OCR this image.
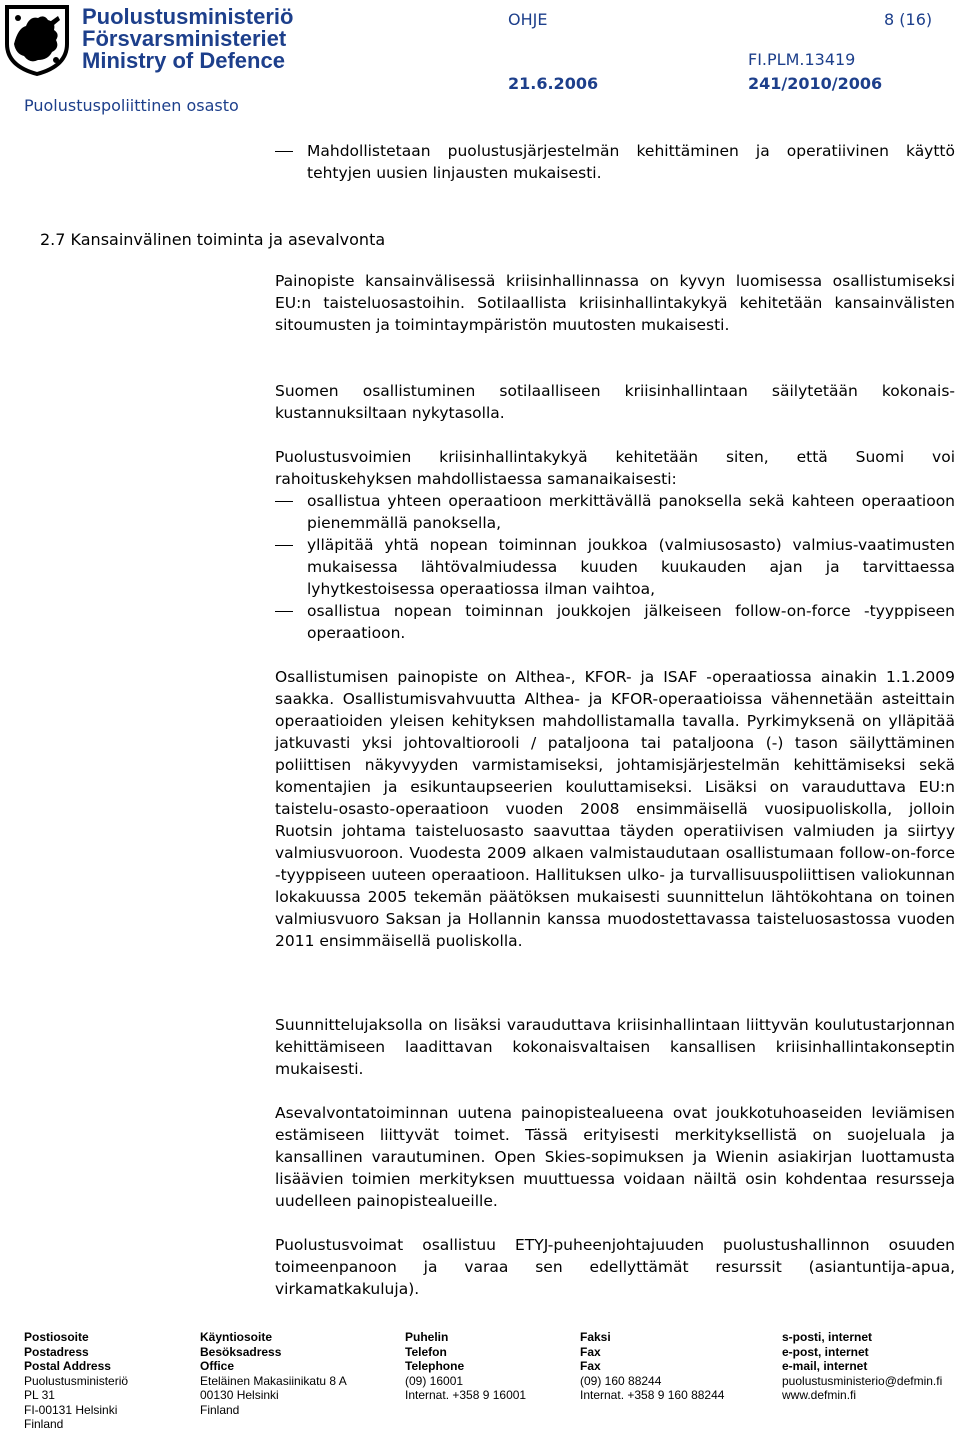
Puolustusministeriö
Försvarsministeriet
Ministry of Defence
Puolustuspoliittinen osasto
OHJE	8 (16)
FI.PLM.13419
21.6.2006	241/2010/2006
Mahdollistetaan puolustusjärjestelmän kehittäminen ja operatiivinen käyttö tehtyjen uusien linjausten mukaisesti.
2.7 Kansainvälinen toiminta ja asevalvonta

Painopiste kansainvälisessä kriisinhallinnassa on kyvyn luomisessa osallistumiseksi EU:n taisteluosastoihin. Sotilaallista kriisinhallintakykyä kehitetään kansainvälisten sitoumusten ja toimintaympäristön muutosten mukaisesti.

Suomen osallistuminen sotilaalliseen kriisinhallintaan säilytetään kokonais-kustannuksiltaan nykytasolla.

Puolustusvoimien kriisinhallintakykyä kehitetään siten, että Suomi voi rahoituskehyksen mahdollistaessa samanaikaisesti:

osallistua yhteen operaatioon merkittävällä panoksella sekä kahteen operaatioon pienemmällä panoksella,
ylläpitää yhtä nopean toiminnan joukkoa (valmiusosasto) valmius-vaatimusten mukaisessa lähtövalmiudessa kuuden kuukauden ajan ja tarvittaessa lyhytkestoisessa operaatiossa ilman vaihtoa,
osallistua nopean toiminnan joukkojen jälkeiseen follow-on-force -tyyppiseen operaatioon.

Osallistumisen painopiste on Althea-, KFOR- ja ISAF -operaatiossa ainakin 1.1.2009 saakka. Osallistumisvahvuutta Althea- ja KFOR-operaatioissa vähennetään asteittain operaatioiden yleisen kehityksen mahdollistamalla tavalla. Pyrkimyksenä on ylläpitää jatkuvasti yksi johtovaltiorooli / pataljoona tai pataljoona (-) tason säilyttäminen poliittisen näkyvyyden varmistamiseksi, johtamisjärjestelmän kehittämiseksi sekä komentajien ja esikuntaupseerien kouluttamiseksi. Lisäksi on varauduttava EU:n taistelu-osasto-operaatioon vuoden 2008 ensimmäisellä vuosipuoliskolla, jolloin Ruotsin johtama taisteluosasto saavuttaa täyden operatiivisen valmiuden ja siirtyy valmiusvuoroon. Vuodesta 2009 alkaen valmistaudutaan osallistumaan follow-on-force -tyyppiseen uuteen operaatioon. Hallituksen ulko- ja turvallisuuspoliittisen valiokunnan lokakuussa 2005 tekemän päätöksen mukaisesti suunnittelun lähtökohtana on toinen valmiusvuoro Saksan ja Hollannin kanssa muodostettavassa taisteluosastossa vuoden 2011 ensimmäisellä puoliskolla.

Suunnittelujaksolla on lisäksi varauduttava kriisinhallintaan liittyvän koulutustarjonnan kehittämiseen laadittavan kokonaisvaltaisen kansallisen kriisinhallintakonseptin mukaisesti.

Asevalvontatoiminnan uutena painopistealueena ovat joukkotuhoaseiden leviämisen estämiseen liittyvät toimet. Tässä erityisesti merkityksellistä on suojeluala ja kansallinen varautuminen. Open Skies-sopimuksen ja Wienin asiakirjan luottamusta lisäävien toimien merkityksen muuttuessa voidaan näiltä osin kohdentaa resursseja uudelleen painopistealueille.

Puolustusvoimat osallistuu ETYJ-puheenjohtajuuden puolustushallinnon osuuden toimeenpanoon ja varaa sen edellyttämät resurssit (asiantuntija-apua, virkamatkakuluja).

Postiosoite
Postadress
Postal Address
Puolustusministeriö
PL 31
FI-00131 Helsinki
Finland
Käyntiosoite
Besöksadress
Office
Eteläinen Makasiinikatu 8 A
00130 Helsinki
Finland
Puhelin
Telefon
Telephone
(09) 16001
Internat. +358 9 16001
Faksi
Fax
Fax
(09) 160 88244
Internat. +358 9 160 88244
s-posti, internet
e-post, internet
e-mail, internet
puolustusministerio@defmin.fi
www.defmin.fi
